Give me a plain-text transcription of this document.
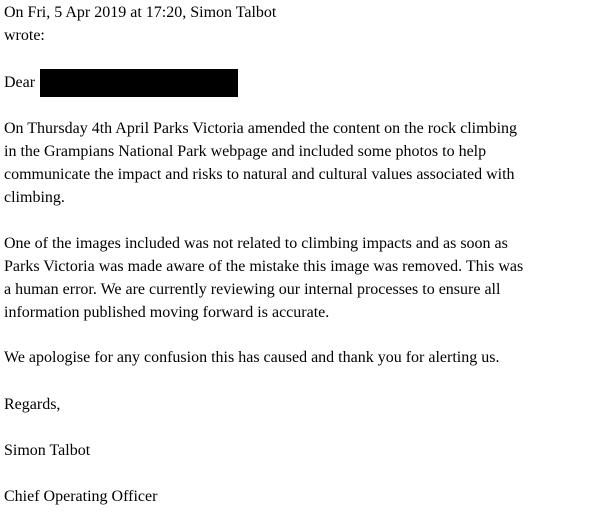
On Fri, 5 Apr 2019 at 17:20, Simon Talbot
wrote:
Dear
On Thursday 4th April Parks Victoria amended the content on the rock climbing
in the Grampians National Park webpage and included some photos to help
communicate the impact and risks to natural and cultural values associated with
climbing.
One of the images included was not related to climbing impacts and as soon as
Parks Victoria was made aware of the mistake this image was removed. This was
a human error. We are currently reviewing our internal processes to ensure all
information published moving forward is accurate.
We apologise for any confusion this has caused and thank you for alerting us.
Regards,
Simon Talbot
Chief Operating Officer
